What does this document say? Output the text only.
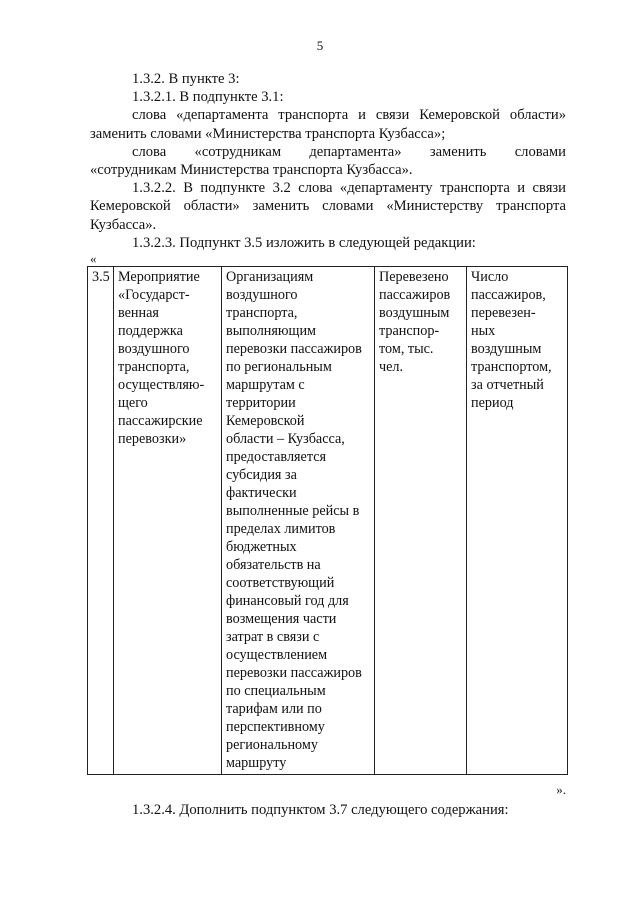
5

1.3.2. В пункте 3:

1.3.2.1. В подпункте 3.1:

слова «департамента транспорта и связи Кемеровской области»

заменить словами «Министерства транспорта Кузбасса»;

слова «сотрудникам департамента» заменить словами

«сотрудникам Министерства транспорта Кузбасса».

1.3.2.2. В подпункте 3.2 слова «департаменту транспорта и связи Кемеровской области» заменить словами «Министерству транспорта Кузбасса».

1.3.2.3. Подпункт 3.5 изложить в следующей редакции:

«

3.5	Мероприятие
«Государст-
венная
поддержка
воздушного
транспорта,
осуществляю-
щего
пассажирские
перевозки»	Организациям
воздушного
транспорта,
выполняющим
перевозки пассажиров
по региональным
маршрутам с
территории
Кемеровской
области – Кузбасса,
предоставляется
субсидия за
фактически
выполненные рейсы в
пределах лимитов
бюджетных
обязательств на
соответствующий
финансовый год для
возмещения части
затрат в связи с
осуществлением
перевозки пассажиров
по специальным
тарифам или по
перспективному
региональному
маршруту	Перевезено
пассажиров
воздушным
транспор-
том, тыс.
чел.	Число
пассажиров,
перевезен-
ных
воздушным
транспортом,
за отчетный
период

».

1.3.2.4. Дополнить подпунктом 3.7 следующего содержания:
